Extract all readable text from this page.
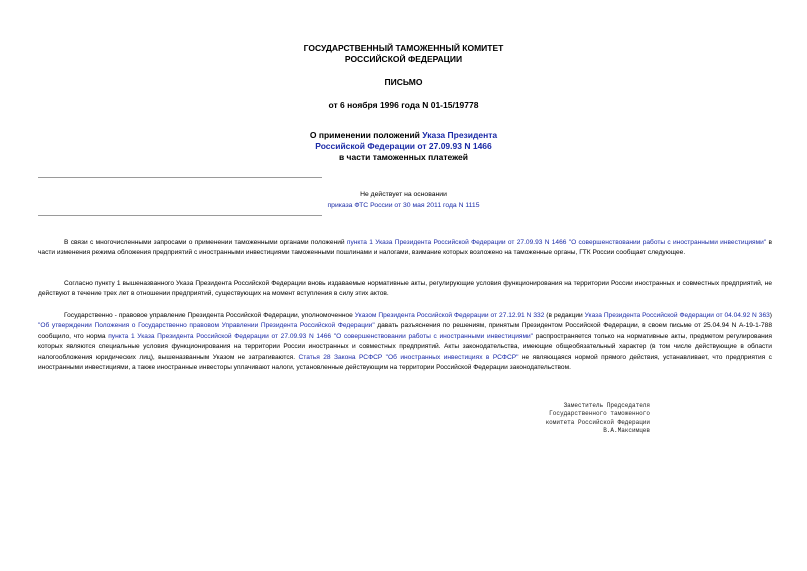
ГОСУДАРСТВЕННЫЙ ТАМОЖЕННЫЙ КОМИТЕТ
РОССИЙСКОЙ ФЕДЕРАЦИИ
ПИСЬМО
от 6 ноября 1996 года N 01-15/19778
О применении положений Указа Президента
Российской Федерации от 27.09.93 N 1466
в части таможенных платежей
Не действует на основании
приказа ФТС России от 30 мая 2011 года N 1115
В связи с многочисленными запросами о применении таможенными органами положений пункта 1 Указа Президента Российской Федерации от 27.09.93 N 1466 "О совершенствовании работы с иностранными инвестициями" в части изменения режима обложения предприятий с иностранными инвестициями таможенными пошлинами и налогами, взимание которых возложено на таможенные органы, ГТК России сообщает следующее.
Согласно пункту 1 вышеназванного Указа Президента Российской Федерации вновь издаваемые нормативные акты, регулирующие условия функционирования на территории России иностранных и совместных предприятий, не действуют в течение трех лет в отношении предприятий, существующих на момент вступления в силу этих актов.
Государственно - правовое управление Президента Российской Федерации, уполномоченное Указом Президента Российской Федерации от 27.12.91 N 332 (в редакции Указа Президента Российской Федерации от 04.04.92 N 363) "Об утверждении Положения о Государственно правовом Управлении Президента Российской Федерации" давать разъяснения по решениям, принятым Президентом Российской Федерации, в своем письме от 25.04.94 N А-19-1-788 сообщило, что норма пункта 1 Указа Президента Российской Федерации от 27.09.93 N 1466 "О совершенствовании работы с иностранными инвестициями" распространяется только на нормативные акты, предметом регулирования которых являются специальные условия функционирования на территории России иностранных и совместных предприятий. Акты законодательства, имеющие общеобязательный характер (в том числе действующие в области налогообложения юридических лиц), вышеназванным Указом не затрагиваются. Статья 28 Закона РСФСР "Об иностранных инвестициях в РСФСР" не являющаяся нормой прямого действия, устанавливает, что предприятия с иностранными инвестициями, а также иностранные инвесторы уплачивают налоги, установленные действующим на территории Российской Федерации законодательством.
Заместитель Председателя
Государственного таможенного
комитета Российской Федерации
В.А.Максимцев
